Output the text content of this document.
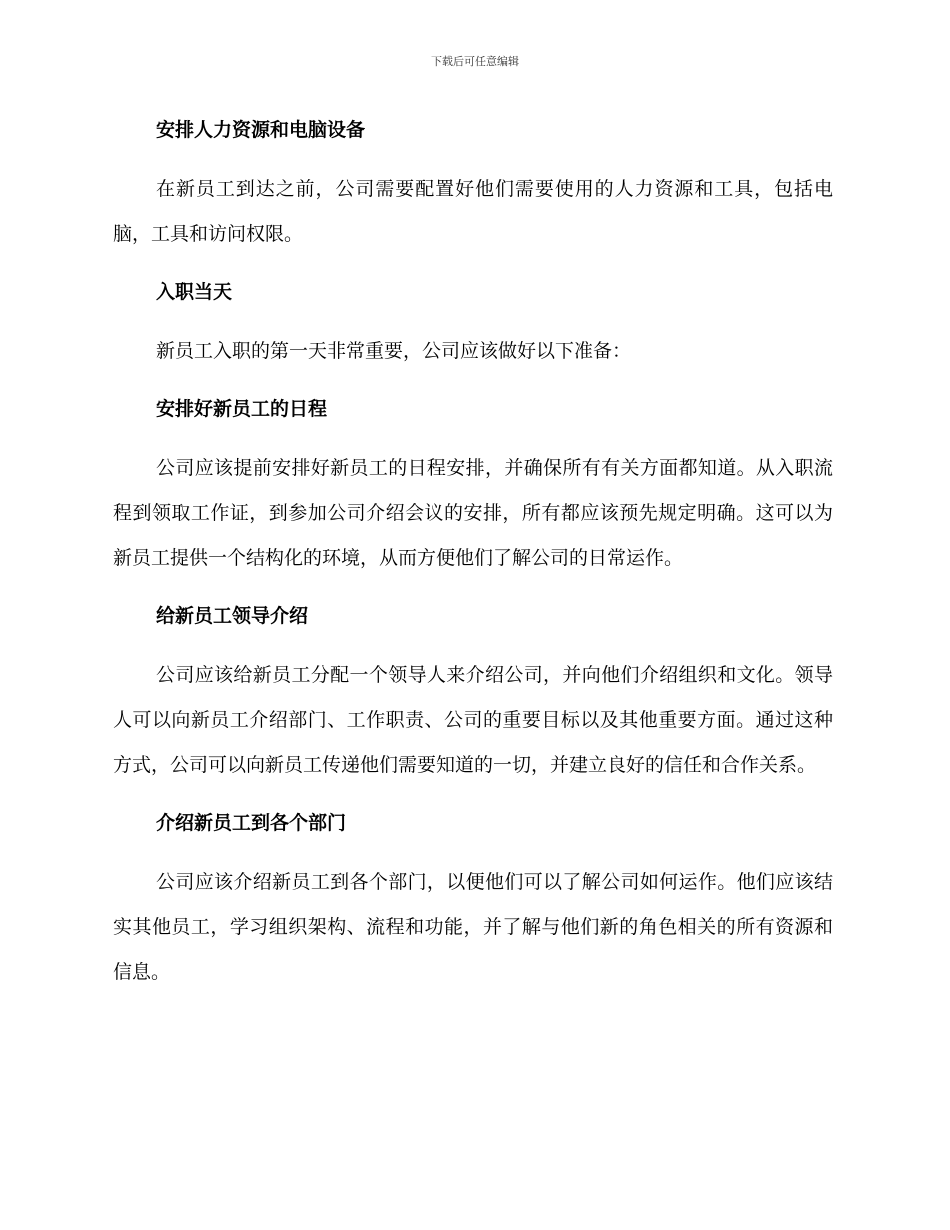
下载后可任意编辑
安排人力资源和电脑设备

在新员工到达之前，公司需要配置好他们需要使用的人力资源和工具，包括电脑，工具和访问权限。

入职当天

新员工入职的第一天非常重要，公司应该做好以下准备：

安排好新员工的日程

公司应该提前安排好新员工的日程安排，并确保所有有关方面都知道。从入职流程到领取工作证，到参加公司介绍会议的安排，所有都应该预先规定明确。这可以为新员工提供一个结构化的环境，从而方便他们了解公司的日常运作。

给新员工领导介绍

公司应该给新员工分配一个领导人来介绍公司，并向他们介绍组织和文化。领导人可以向新员工介绍部门、工作职责、公司的重要目标以及其他重要方面。通过这种方式，公司可以向新员工传递他们需要知道的一切，并建立良好的信任和合作关系。

介绍新员工到各个部门

公司应该介绍新员工到各个部门，以便他们可以了解公司如何运作。他们应该结实其他员工，学习组织架构、流程和功能，并了解与他们新的角色相关的所有资源和信息。
